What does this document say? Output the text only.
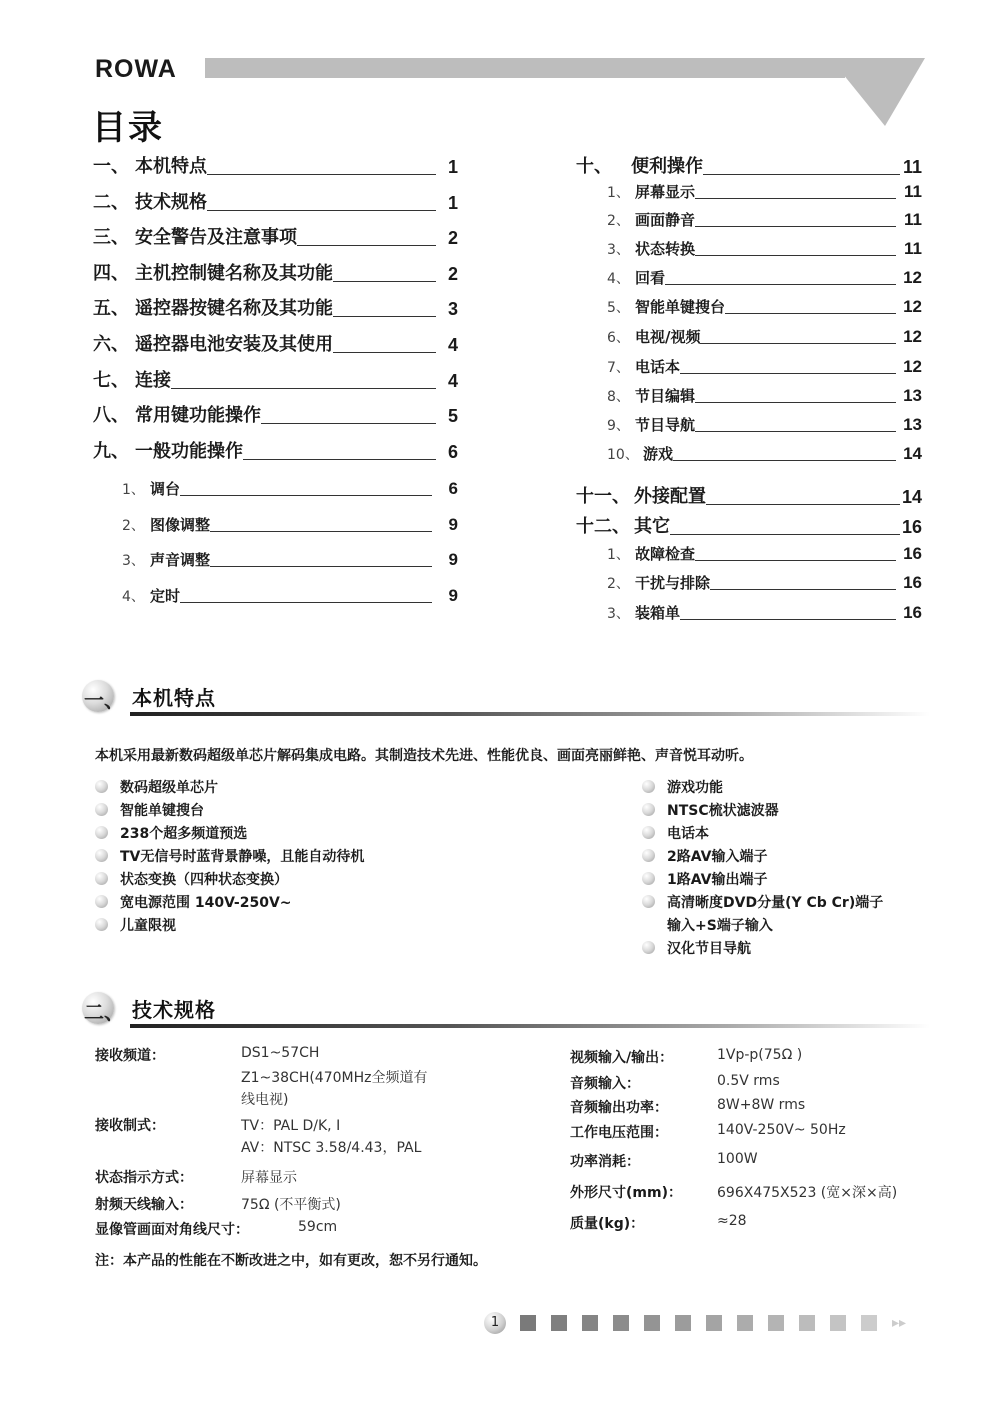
ROWA
目录
一、 本机特点	1
二、 技术规格	1
三、 安全警告及注意事项	2
四、 主机控制键名称及其功能	2
五、 遥控器按键名称及其功能	3
六、 遥控器电池安装及其使用	4
七、 连接	4
八、 常用键功能操作	5
九、 一般功能操作	6
1、 调台	6
2、 图像调整	9
3、 声音调整	9
4、 定时	9
十、	便利操作	11
1、 屏幕显示	11
2、 画面静音	11
3、 状态转换	11
4、 回看	12
5、 智能单键搜台	12
6、 电视/视频	12
7、 电话本	12
8、 节目编辑	13
9、 节目导航	13
10、 游戏	14
十一、 外接配置	14
十二、 其它	16
1、 故障检查	16
2、 干扰与排除	16
3、 装箱单	16
一、 本机特点
本机采用最新数码超级单芯片解码集成电路。其制造技术先进、性能优良、画面亮丽鲜艳、声音悦耳动听。
数码超级单芯片
智能单键搜台
238个超多频道预选
TV无信号时蓝背景静噪，且能自动待机
状态变换（四种状态变换）
宽电源范围 140V-250V~
儿童限视
游戏功能
NTSC梳状滤波器
电话本
2路AV输入端子
1路AV输出端子
高清晰度DVD分量(Y Cb Cr)端子
输入+S端子输入
汉化节目导航
二、 技术规格
接收频道：	DS1~57CH
Z1~38CH(470MHz全频道有
线电视)
接收制式：	TV：PAL D/K, I
AV：NTSC 3.58/4.43，PAL
状态指示方式：	屏幕显示
射频天线输入：	75Ω (不平衡式)
显像管画面对角线尺寸：	59cm
视频输入/输出：	1Vp-p(75Ω )
音频输入：	0.5V rms
音频输出功率：	8W+8W rms
工作电压范围：	140V-250V~ 50Hz
功率消耗：	100W
外形尺寸(mm)：	696X475X523 (宽×深×高)
质量(kg)：	≈28
注：本产品的性能在不断改进之中，如有更改，恕不另行通知。
1	▸▸
